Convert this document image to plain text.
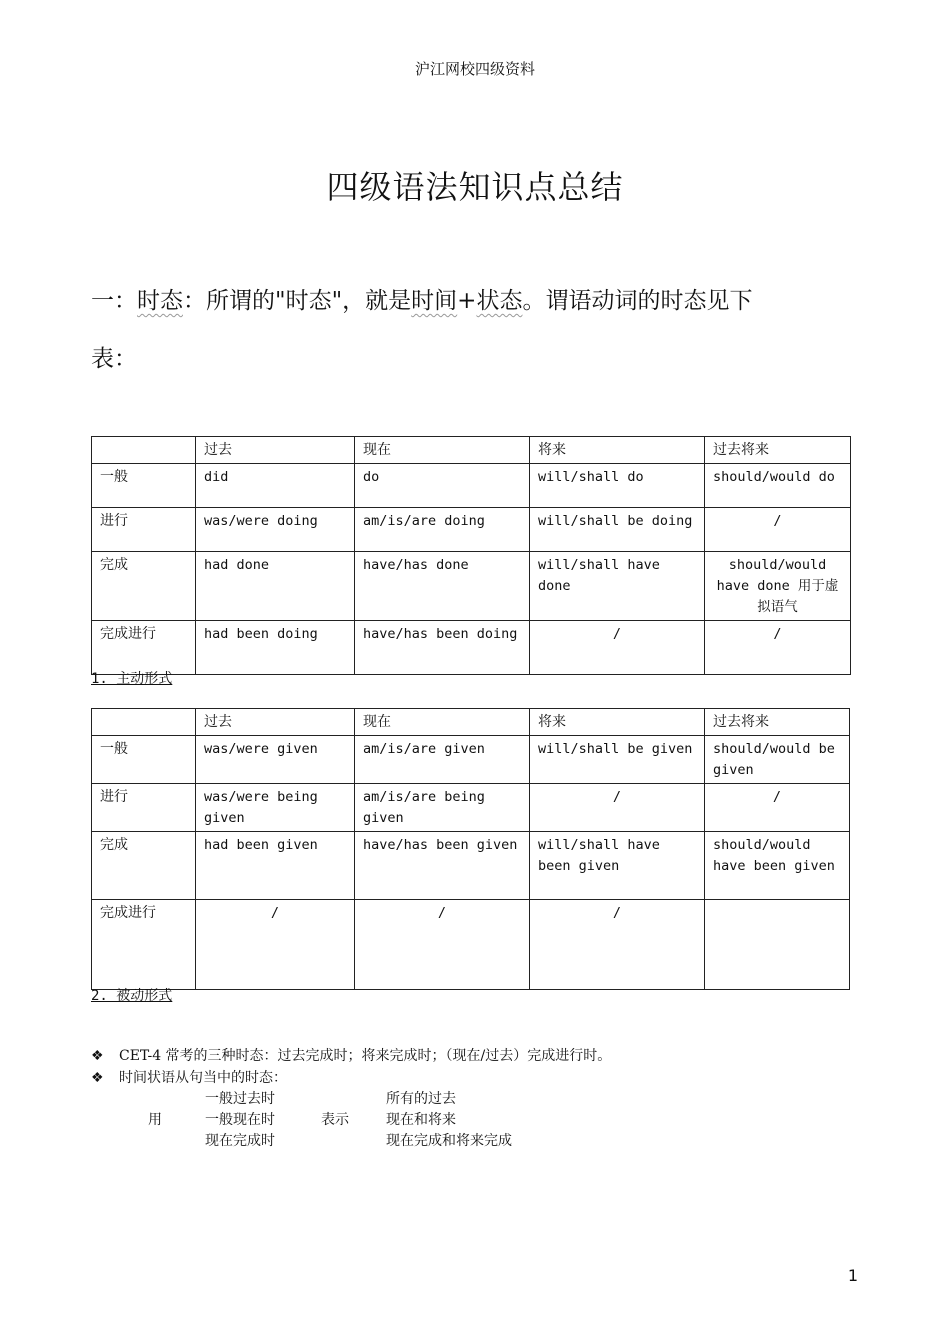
沪江网校四级资料
四级语法知识点总结
一：时态：所谓的"时态"，就是时间+状态。谓语动词的时态见下
表：
	过去	现在	将来	过去将来
一般	did	do	will/shall do	should/would do
进行	was/were doing	am/is/are doing	will/shall be doing	/
完成	had done	have/has done	will/shall have done	should/would have done 用于虚拟语气
完成进行	had been doing	have/has been doing	/	/
1. 主动形式
	过去	现在	将来	过去将来
一般	was/were given	am/is/are given	will/shall be given	should/would be given
进行	was/were being given	am/is/are being given	/	/
完成	had been given	have/has been given	will/shall have been given	should/would have been given
完成进行	/	/	/	
2. 被动形式
❖ CET-4 常考的三种时态：过去完成时；将来完成时；（现在/过去）完成进行时。
❖ 时间状语从句当中的时态：
一般过去时	所有的过去
用	一般现在时	表示	现在和将来
现在完成时	现在完成和将来完成
1
